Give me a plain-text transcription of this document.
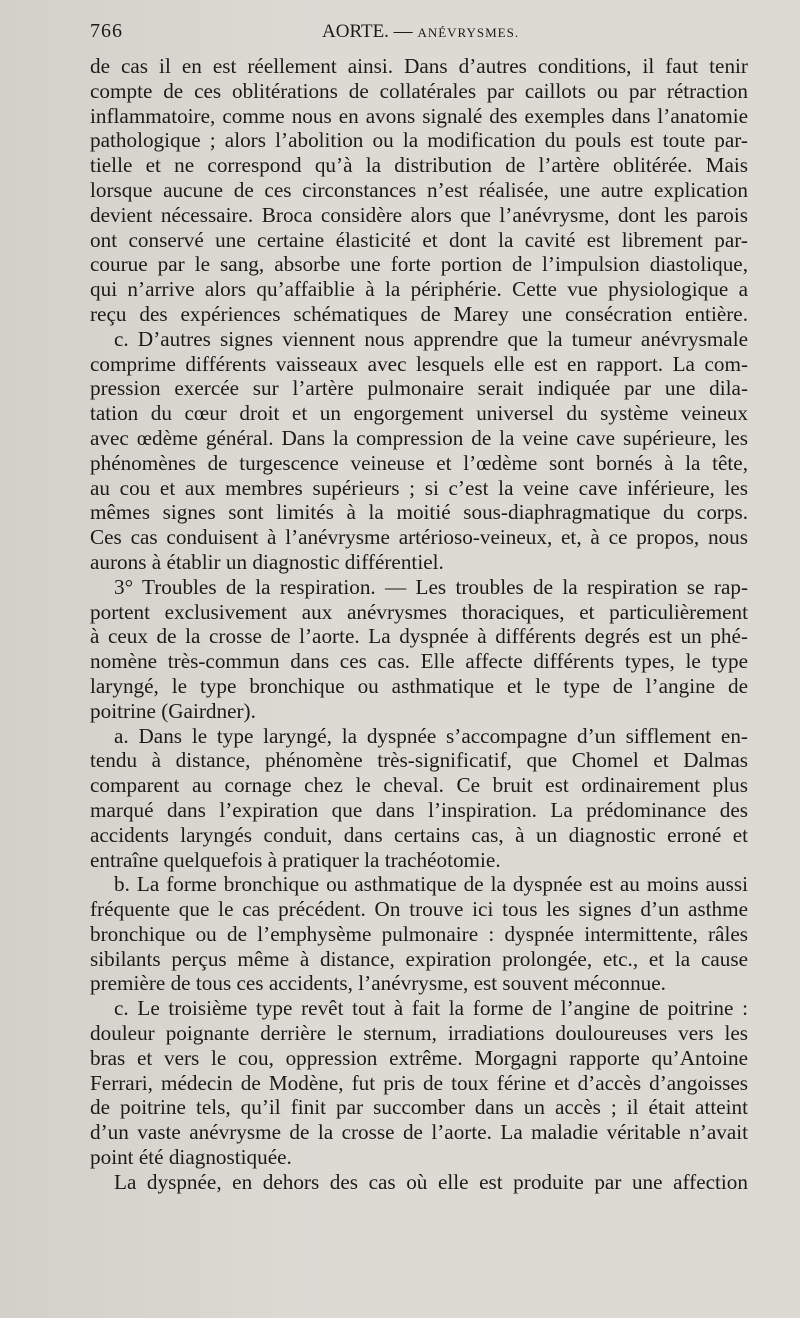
766	AORTE. — ANÉVRYSMES.
de cas il en est réellement ainsi. Dans d’autres conditions, il faut tenir
compte de ces oblitérations de collatérales par caillots ou par rétraction
inflammatoire, comme nous en avons signalé des exemples dans l’anatomie
pathologique ; alors l’abolition ou la modification du pouls est toute par-
tielle et ne correspond qu’à la distribution de l’artère oblitérée. Mais
lorsque aucune de ces circonstances n’est réalisée, une autre explication
devient nécessaire. Broca considère alors que l’anévrysme, dont les parois
ont conservé une certaine élasticité et dont la cavité est librement par-
courue par le sang, absorbe une forte portion de l’impulsion diastolique,
qui n’arrive alors qu’affaiblie à la périphérie. Cette vue physiologique a
reçu des expériences schématiques de Marey une consécration entière.
c. D’autres signes viennent nous apprendre que la tumeur anévrysmale
comprime différents vaisseaux avec lesquels elle est en rapport. La com-
pression exercée sur l’artère pulmonaire serait indiquée par une dila-
tation du cœur droit et un engorgement universel du système veineux
avec œdème général. Dans la compression de la veine cave supérieure, les
phénomènes de turgescence veineuse et l’œdème sont bornés à la tête,
au cou et aux membres supérieurs ; si c’est la veine cave inférieure, les
mêmes signes sont limités à la moitié sous-diaphragmatique du corps.
Ces cas conduisent à l’anévrysme artérioso-veineux, et, à ce propos, nous
aurons à établir un diagnostic différentiel.
3° Troubles de la respiration. — Les troubles de la respiration se rap-
portent exclusivement aux anévrysmes thoraciques, et particulièrement
à ceux de la crosse de l’aorte. La dyspnée à différents degrés est un phé-
nomène très-commun dans ces cas. Elle affecte différents types, le type
laryngé, le type bronchique ou asthmatique et le type de l’angine de
poitrine (Gairdner).
a. Dans le type laryngé, la dyspnée s’accompagne d’un sifflement en-
tendu à distance, phénomène très-significatif, que Chomel et Dalmas
comparent au cornage chez le cheval. Ce bruit est ordinairement plus
marqué dans l’expiration que dans l’inspiration. La prédominance des
accidents laryngés conduit, dans certains cas, à un diagnostic erroné et
entraîne quelquefois à pratiquer la trachéotomie.
b. La forme bronchique ou asthmatique de la dyspnée est au moins aussi
fréquente que le cas précédent. On trouve ici tous les signes d’un asthme
bronchique ou de l’emphysème pulmonaire : dyspnée intermittente, râles
sibilants perçus même à distance, expiration prolongée, etc., et la cause
première de tous ces accidents, l’anévrysme, est souvent méconnue.
c. Le troisième type revêt tout à fait la forme de l’angine de poitrine :
douleur poignante derrière le sternum, irradiations douloureuses vers les
bras et vers le cou, oppression extrême. Morgagni rapporte qu’Antoine
Ferrari, médecin de Modène, fut pris de toux férine et d’accès d’angoisses
de poitrine tels, qu’il finit par succomber dans un accès ; il était atteint
d’un vaste anévrysme de la crosse de l’aorte. La maladie véritable n’avait
point été diagnostiquée.
La dyspnée, en dehors des cas où elle est produite par une affection
